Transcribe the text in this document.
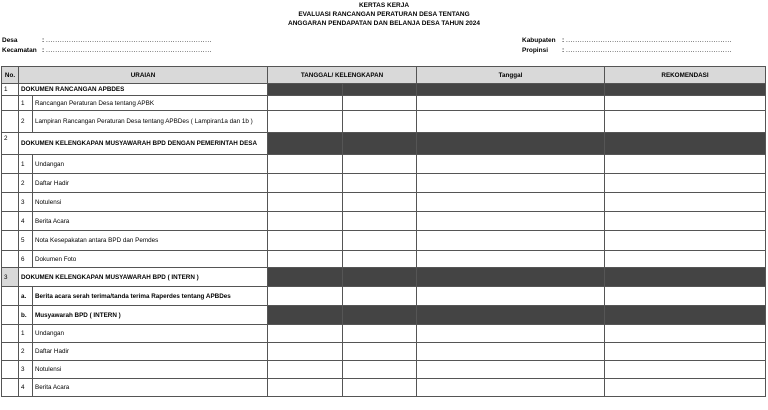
KERTAS KERJA
EVALUASI RANCANGAN PERATURAN DESA TENTANG
ANGGARAN PENDAPATAN DAN BELANJA DESA TAHUN 2024
Desa	: ........................................................................
Kecamatan : ........................................................................
Kabupaten : ........................................................................
Propinsi : ........................................................................
No.	URAIAN		TANGGAL/ KELENGKAPAN		Tanggal	REKOMENDASI
1	DOKUMEN RANCANGAN APBDES					
	1	Rancangan Peraturan Desa tentang APBK				
	2	Lampiran Rancangan Peraturan Desa tentang APBDes ( Lampiran1a dan 1b )				
2	DOKUMEN KELENGKAPAN MUSYAWARAH BPD DENGAN PEMERINTAH DESA					
	1	Undangan				
	2	Daftar Hadir				
	3	Notulensi				
	4	Berita Acara				
	5	Nota Kesepakatan antara BPD dan Pemdes				
	6	Dokumen Foto				
3	DOKUMEN KELENGKAPAN MUSYAWARAH BPD ( INTERN )					
	a.	Berita acara serah terima/tanda terima Raperdes tentang APBDes				
	b.	Musyawarah BPD ( INTERN )				
	1	Undangan				
	2	Daftar Hadir				
	3	Notulensi				
	4	Berita Acara				
